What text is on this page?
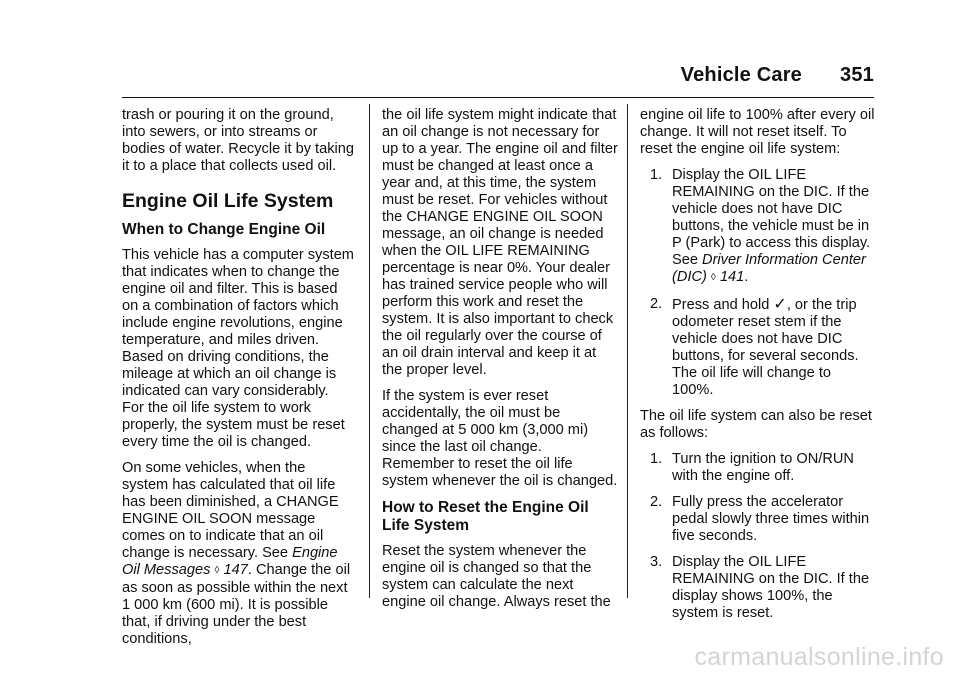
Vehicle Care 351

trash or pouring it on the ground, into sewers, or into streams or bodies of water. Recycle it by taking it to a place that collects used oil.

Engine Oil Life System
When to Change Engine Oil

This vehicle has a computer system that indicates when to change the engine oil and filter. This is based on a combination of factors which include engine revolutions, engine temperature, and miles driven. Based on driving conditions, the mileage at which an oil change is indicated can vary considerably. For the oil life system to work properly, the system must be reset every time the oil is changed.

On some vehicles, when the system has calculated that oil life has been diminished, a CHANGE ENGINE OIL SOON message comes on to indicate that an oil change is necessary. See Engine Oil Messages ◊ 147. Change the oil as soon as possible within the next 1 000 km (600 mi). It is possible that, if driving under the best conditions,

the oil life system might indicate that an oil change is not necessary for up to a year. The engine oil and filter must be changed at least once a year and, at this time, the system must be reset. For vehicles without the CHANGE ENGINE OIL SOON message, an oil change is needed when the OIL LIFE REMAINING percentage is near 0%. Your dealer has trained service people who will perform this work and reset the system. It is also important to check the oil regularly over the course of an oil drain interval and keep it at the proper level.

If the system is ever reset accidentally, the oil must be changed at 5 000 km (3,000 mi) since the last oil change. Remember to reset the oil life system whenever the oil is changed.

How to Reset the Engine Oil Life System

Reset the system whenever the engine oil is changed so that the system can calculate the next engine oil change. Always reset the

engine oil life to 100% after every oil change. It will not reset itself. To reset the engine oil life system:

1. Display the OIL LIFE REMAINING on the DIC. If the vehicle does not have DIC buttons, the vehicle must be in P (Park) to access this display. See Driver Information Center (DIC) ◊ 141.
2. Press and hold ✓, or the trip odometer reset stem if the vehicle does not have DIC buttons, for several seconds. The oil life will change to 100%.

The oil life system can also be reset as follows:

1. Turn the ignition to ON/RUN with the engine off.
2. Fully press the accelerator pedal slowly three times within five seconds.
3. Display the OIL LIFE REMAINING on the DIC. If the display shows 100%, the system is reset.
carmanualsonline.info
